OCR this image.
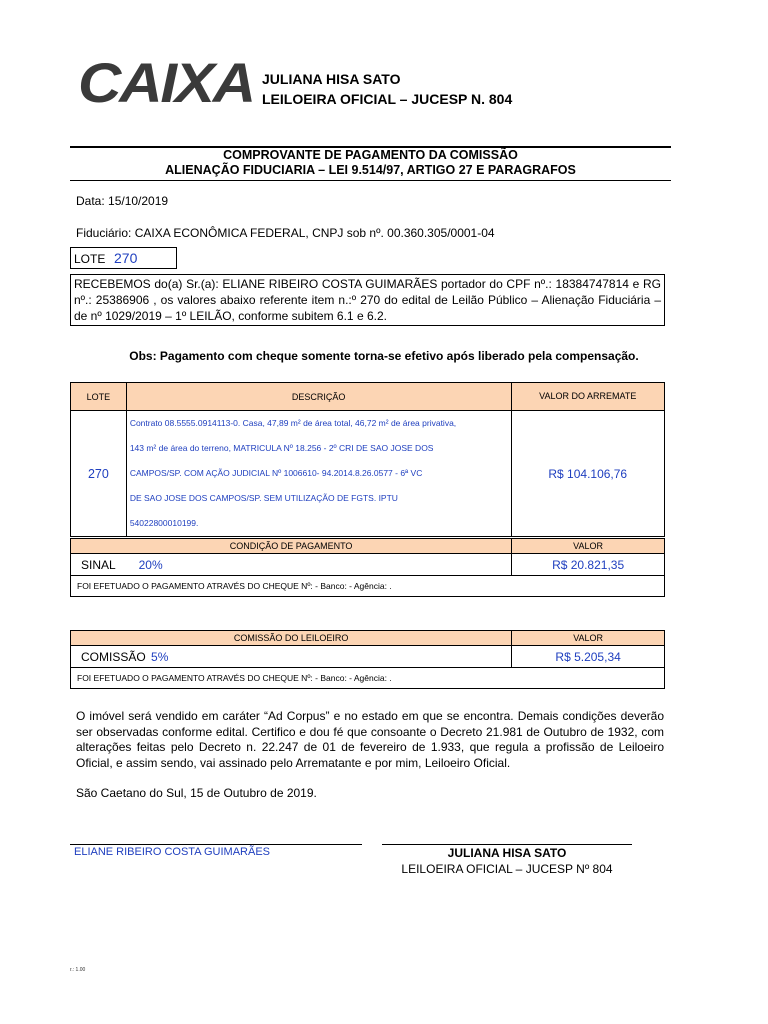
CAIXA JULIANA HISA SATO
LEILOEIRA OFICIAL – JUCESP N. 804
COMPROVANTE DE PAGAMENTO DA COMISSÃO
ALIENAÇÃO FIDUCIARIA – LEI 9.514/97, ARTIGO 27 E PARAGRAFOS
Data: 15/10/2019
Fiduciário: CAIXA ECONÔMICA FEDERAL, CNPJ sob nº. 00.360.305/0001-04
LOTE 270
RECEBEMOS do(a) Sr.(a): ELIANE RIBEIRO COSTA GUIMARÃES portador do CPF nº.: 18384747814 e RG nº.: 25386906 , os valores abaixo referente item n.:º 270 do edital de Leilão Público – Alienação Fiduciária – de nº 1029/2019 – 1º LEILÃO, conforme subitem 6.1 e 6.2.
Obs: Pagamento com cheque somente torna-se efetivo após liberado pela compensação.
LOTE	DESCRIÇÃO	VALOR DO ARREMATE
270	Contrato 08.5555.0914113-0. Casa, 47,89 m² de área total, 46,72 m² de área privativa,
143 m² de área do terreno, MATRICULA Nº 18.256 - 2º CRI DE SAO JOSE DOS
CAMPOS/SP. COM AÇÃO JUDICIAL Nº 1006610- 94.2014.8.26.0577 - 6ª VC
DE SAO JOSE DOS CAMPOS/SP. SEM UTILIZAÇÃO DE FGTS. IPTU
54022800010199.	R$ 104.106,76
CONDIÇÃO DE PAGAMENTO	VALOR
SINAL 20%	R$ 20.821,35
FOI EFETUADO O PAGAMENTO ATRAVÉS DO CHEQUE Nº: - Banco: - Agência: .	
COMISSÃO DO LEILOEIRO	VALOR
COMISSÃO 5%	R$ 5.205,34
FOI EFETUADO O PAGAMENTO ATRAVÉS DO CHEQUE Nº: - Banco: - Agência: .	
O imóvel será vendido em caráter “Ad Corpus” e no estado em que se encontra. Demais condições deverão ser observadas conforme edital. Certifico e dou fé que consoante o Decreto 21.981 de Outubro de 1932, com alterações feitas pelo Decreto n. 22.247 de 01 de fevereiro de 1.933, que regula a profissão de Leiloeiro Oficial, e assim sendo, vai assinado pelo Arrematante e por mim, Leiloeiro Oficial.
São Caetano do Sul, 15 de Outubro de 2019.
ELIANE RIBEIRO COSTA GUIMARÃES	JULIANA HISA SATO
LEILOEIRA OFICIAL – JUCESP Nº 804
r.: 1.00
